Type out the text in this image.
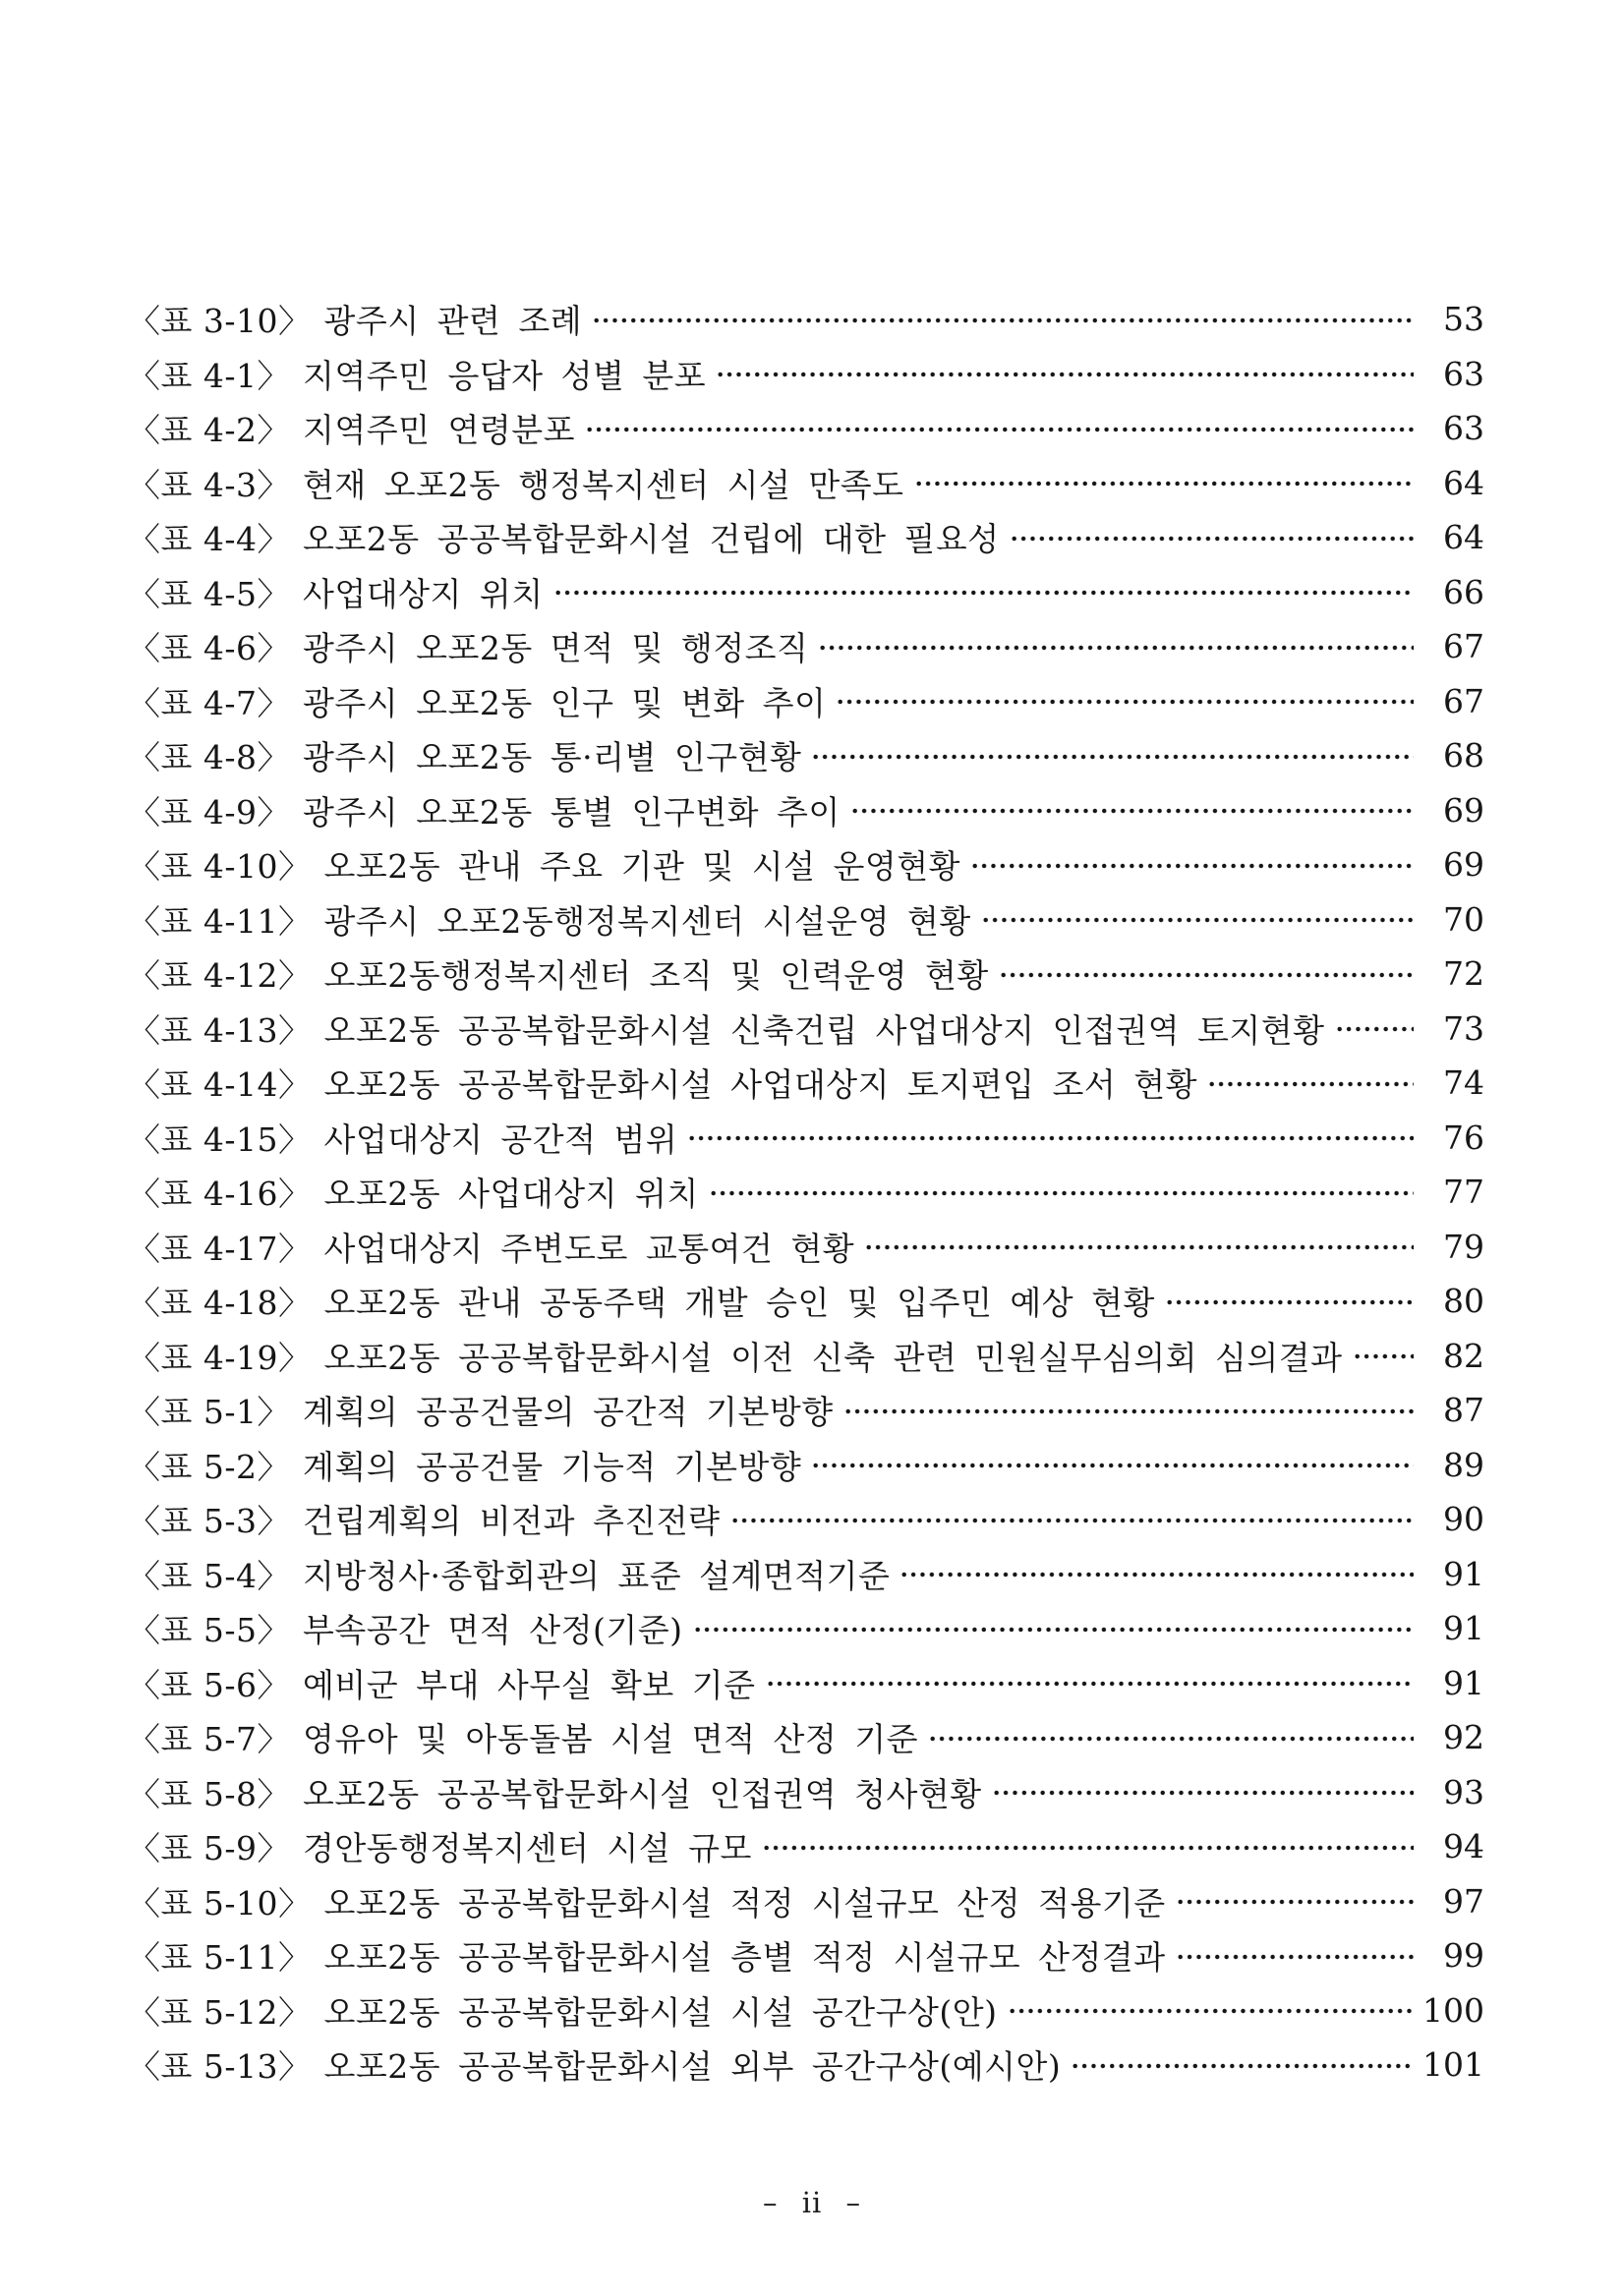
〈표 3-10〉 광주시 관련 조례	53
〈표 4-1〉 지역주민 응답자 성별 분포	63
〈표 4-2〉 지역주민 연령분포	63
〈표 4-3〉 현재 오포2동 행정복지센터 시설 만족도	64
〈표 4-4〉 오포2동 공공복합문화시설 건립에 대한 필요성	64
〈표 4-5〉 사업대상지 위치	66
〈표 4-6〉 광주시 오포2동 면적 및 행정조직	67
〈표 4-7〉 광주시 오포2동 인구 및 변화 추이	67
〈표 4-8〉 광주시 오포2동 통·리별 인구현황	68
〈표 4-9〉 광주시 오포2동 통별 인구변화 추이	69
〈표 4-10〉 오포2동 관내 주요 기관 및 시설 운영현황	69
〈표 4-11〉 광주시 오포2동행정복지센터 시설운영 현황	70
〈표 4-12〉 오포2동행정복지센터 조직 및 인력운영 현황	72
〈표 4-13〉 오포2동 공공복합문화시설 신축건립 사업대상지 인접권역 토지현황	73
〈표 4-14〉 오포2동 공공복합문화시설 사업대상지 토지편입 조서 현황	74
〈표 4-15〉 사업대상지 공간적 범위	76
〈표 4-16〉 오포2동 사업대상지 위치	77
〈표 4-17〉 사업대상지 주변도로 교통여건 현황	79
〈표 4-18〉 오포2동 관내 공동주택 개발 승인 및 입주민 예상 현황	80
〈표 4-19〉 오포2동 공공복합문화시설 이전 신축 관련 민원실무심의회 심의결과	82
〈표 5-1〉 계획의 공공건물의 공간적 기본방향	87
〈표 5-2〉 계획의 공공건물 기능적 기본방향	89
〈표 5-3〉 건립계획의 비전과 추진전략	90
〈표 5-4〉 지방청사·종합회관의 표준 설계면적기준	91
〈표 5-5〉 부속공간 면적 산정(기준)	91
〈표 5-6〉 예비군 부대 사무실 확보 기준	91
〈표 5-7〉 영유아 및 아동돌봄 시설 면적 산정 기준	92
〈표 5-8〉 오포2동 공공복합문화시설 인접권역 청사현황	93
〈표 5-9〉 경안동행정복지센터 시설 규모	94
〈표 5-10〉 오포2동 공공복합문화시설 적정 시설규모 산정 적용기준	97
〈표 5-11〉 오포2동 공공복합문화시설 층별 적정 시설규모 산정결과	99
〈표 5-12〉 오포2동 공공복합문화시설 시설 공간구상(안)	100
〈표 5-13〉 오포2동 공공복합문화시설 외부 공간구상(예시안)	101
– ii –
